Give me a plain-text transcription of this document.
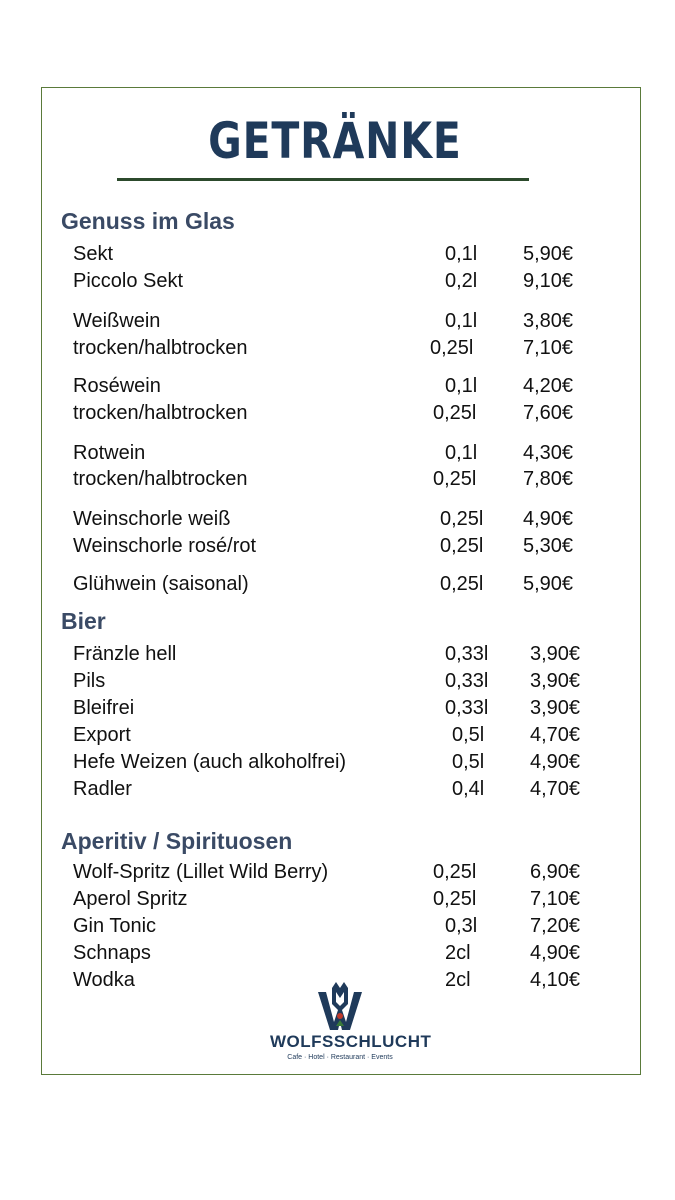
GETRÄNKE
Genuss im Glas
Sekt	0,1l 5,90€
Piccolo Sekt	0,2l 9,10€
Weißwein	0,1l 3,80€
trocken/halbtrocken	0,25l 7,10€
Roséwein	0,1l 4,20€
trocken/halbtrocken	0,25l 7,60€
Rotwein	0,1l 4,30€
trocken/halbtrocken	0,25l 7,80€
Weinschorle weiß	0,25l 4,90€
Weinschorle rosé/rot	0,25l 5,30€
Glühwein (saisonal)	0,25l 5,90€
Bier
Fränzle hell	0,33l 3,90€
Pils	0,33l 3,90€
Bleifrei	0,33l 3,90€
Export	0,5l 4,70€
Hefe Weizen (auch alkoholfrei)	0,5l 4,90€
Radler	0,4l 4,70€
Aperitiv / Spirituosen
Wolf-Spritz (Lillet Wild Berry)	0,25l	6,90€
Aperol Spritz	0,25l	7,10€
Gin Tonic	0,3l	7,20€
Schnaps	2cl	4,90€
Wodka	2cl	4,10€
WOLFSSCHLUCHT
Cafe · Hotel · Restaurant · Events
